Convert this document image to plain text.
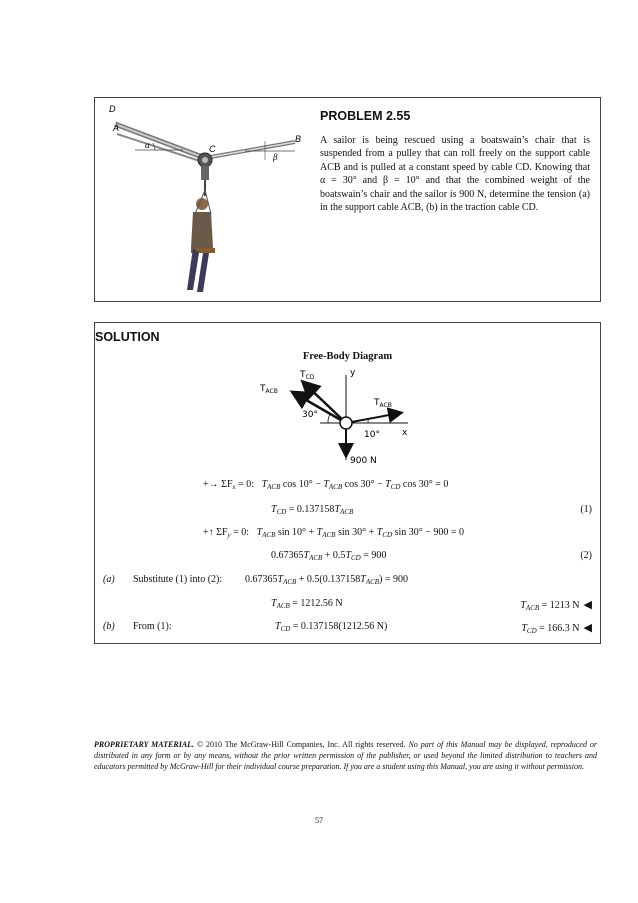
D
A
α	C
B
β
PROBLEM 2.55
A sailor is being rescued using a boatswain’s chair that is suspended from a pulley that can roll freely on the support cable ACB and is pulled at a constant speed by cable CD. Knowing that α = 30° and β = 10° and that the combined weight of the boatswain’s chair and the sailor is 900 N, determine the tension (a) in the support cable ACB, (b) in the traction cable CD.
SOLUTION
Free-Body Diagram
$T_{ACB}$
$T_{CD}$
$T_{ACB}$
30°
10° x
y
900 N
+→ $\Sigma F_x = 0$: $T_{ACB}$ $\cos 10^\circ - T_{ACB}$ $\cos 30^\circ - T_{CD}$ cos 30° = 0
$T_{CD} = 0.137158T_{ACB}$	(1)
+↑ $\Sigma F_y = 0$: $T_{ACB}$ $\sin 10^\circ + T_{ACB}$ $\sin 30^\circ + T_{CD}$ sin 30° − 900 = 0
$0.67365T_{ACB} + 0.5T_{CD} = 900$	(2)
(a) Substitute (1) into (2): $0.67365T_{ACB} + 0.5(0.137158T_{ACB}) = 900$
$T_{ACB} = 1212.56$ N	$T_{ACB} = 1213$ N ◀
(b) From (1):	$T_{CD} = 0.137158(1212.56$ N)	$T_{CD} = 166.3$ N ◀
PROPRIETARY MATERIAL. © 2010 The McGraw-Hill Companies, Inc. All rights reserved. No part of this Manual may be displayed, reproduced or distributed in any form or by any means, without the prior written permission of the publisher, or used beyond the limited distribution to teachers and educators permitted by McGraw-Hill for their individual course preparation. If you are a student using this Manual, you are using it without permission.
57
